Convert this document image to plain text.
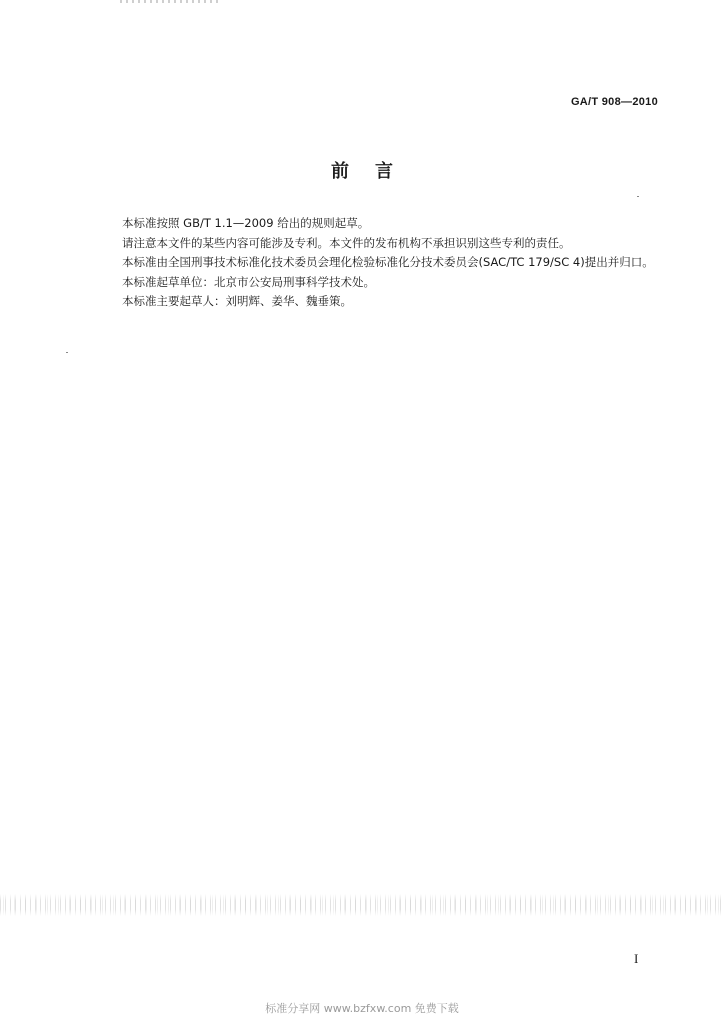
GA/T 908—2010
前 言

本标准按照 GB/T 1.1—2009 给出的规则起草。

请注意本文件的某些内容可能涉及专利。本文件的发布机构不承担识别这些专利的责任。

本标准由全国刑事技术标准化技术委员会理化检验标准化分技术委员会(SAC/TC 179/SC 4)提出并归口。

本标准起草单位：北京市公安局刑事科学技术处。

本标准主要起草人：刘明辉、姜华、魏垂策。

I
标准分享网 www.bzfxw.com 免费下载
